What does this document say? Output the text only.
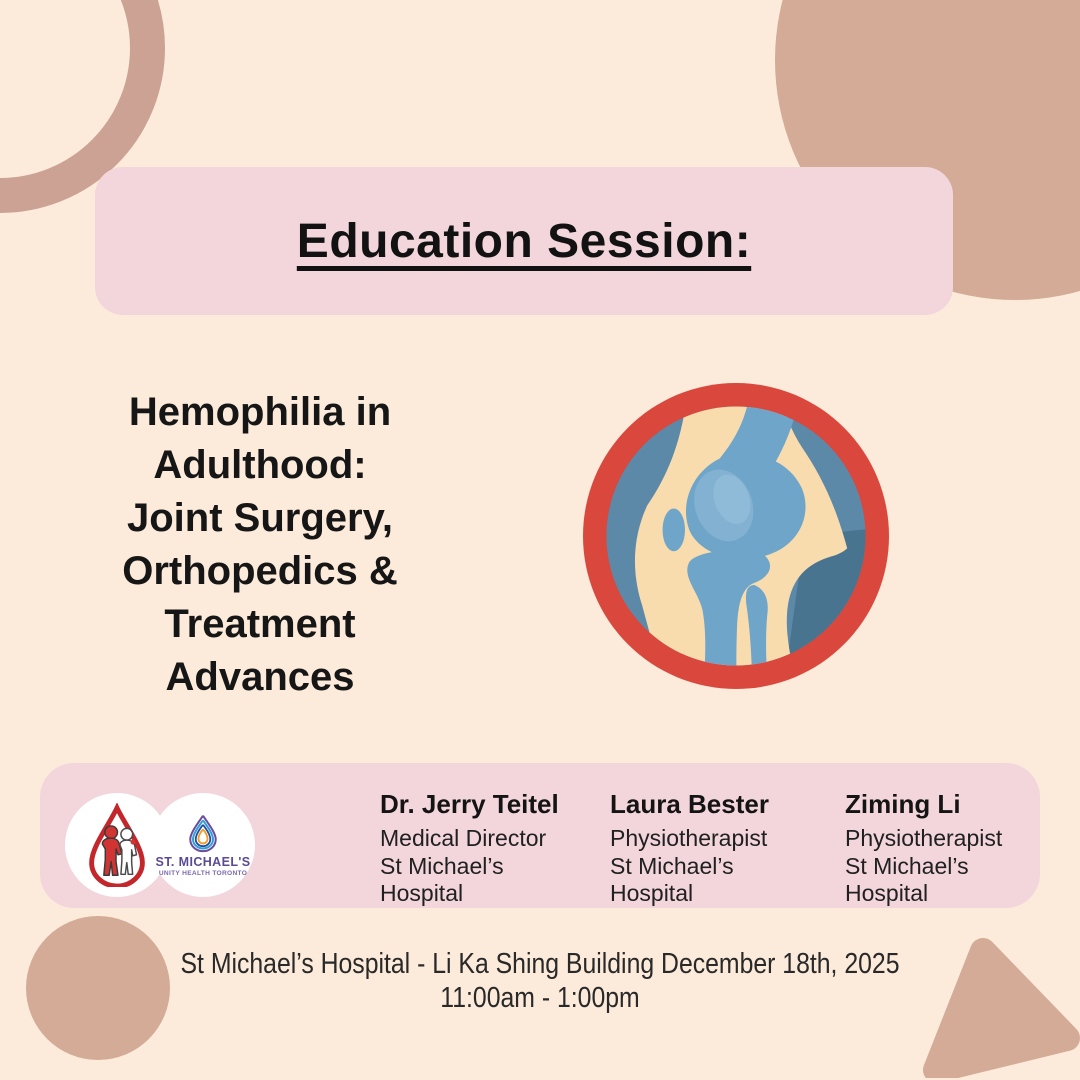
Education Session:
Hemophilia in
Adulthood:
Joint Surgery,
Orthopedics &
Treatment
Advances
ST. MICHAEL'S
UNITY HEALTH TORONTO
Dr. Jerry Teitel
Medical Director
St Michael’s
Hospital
Laura Bester
Physiotherapist
St Michael’s
Hospital
Ziming Li
Physiotherapist
St Michael’s
Hospital
St Michael’s Hospital - Li Ka Shing Building December 18th, 2025
11:00am - 1:00pm
